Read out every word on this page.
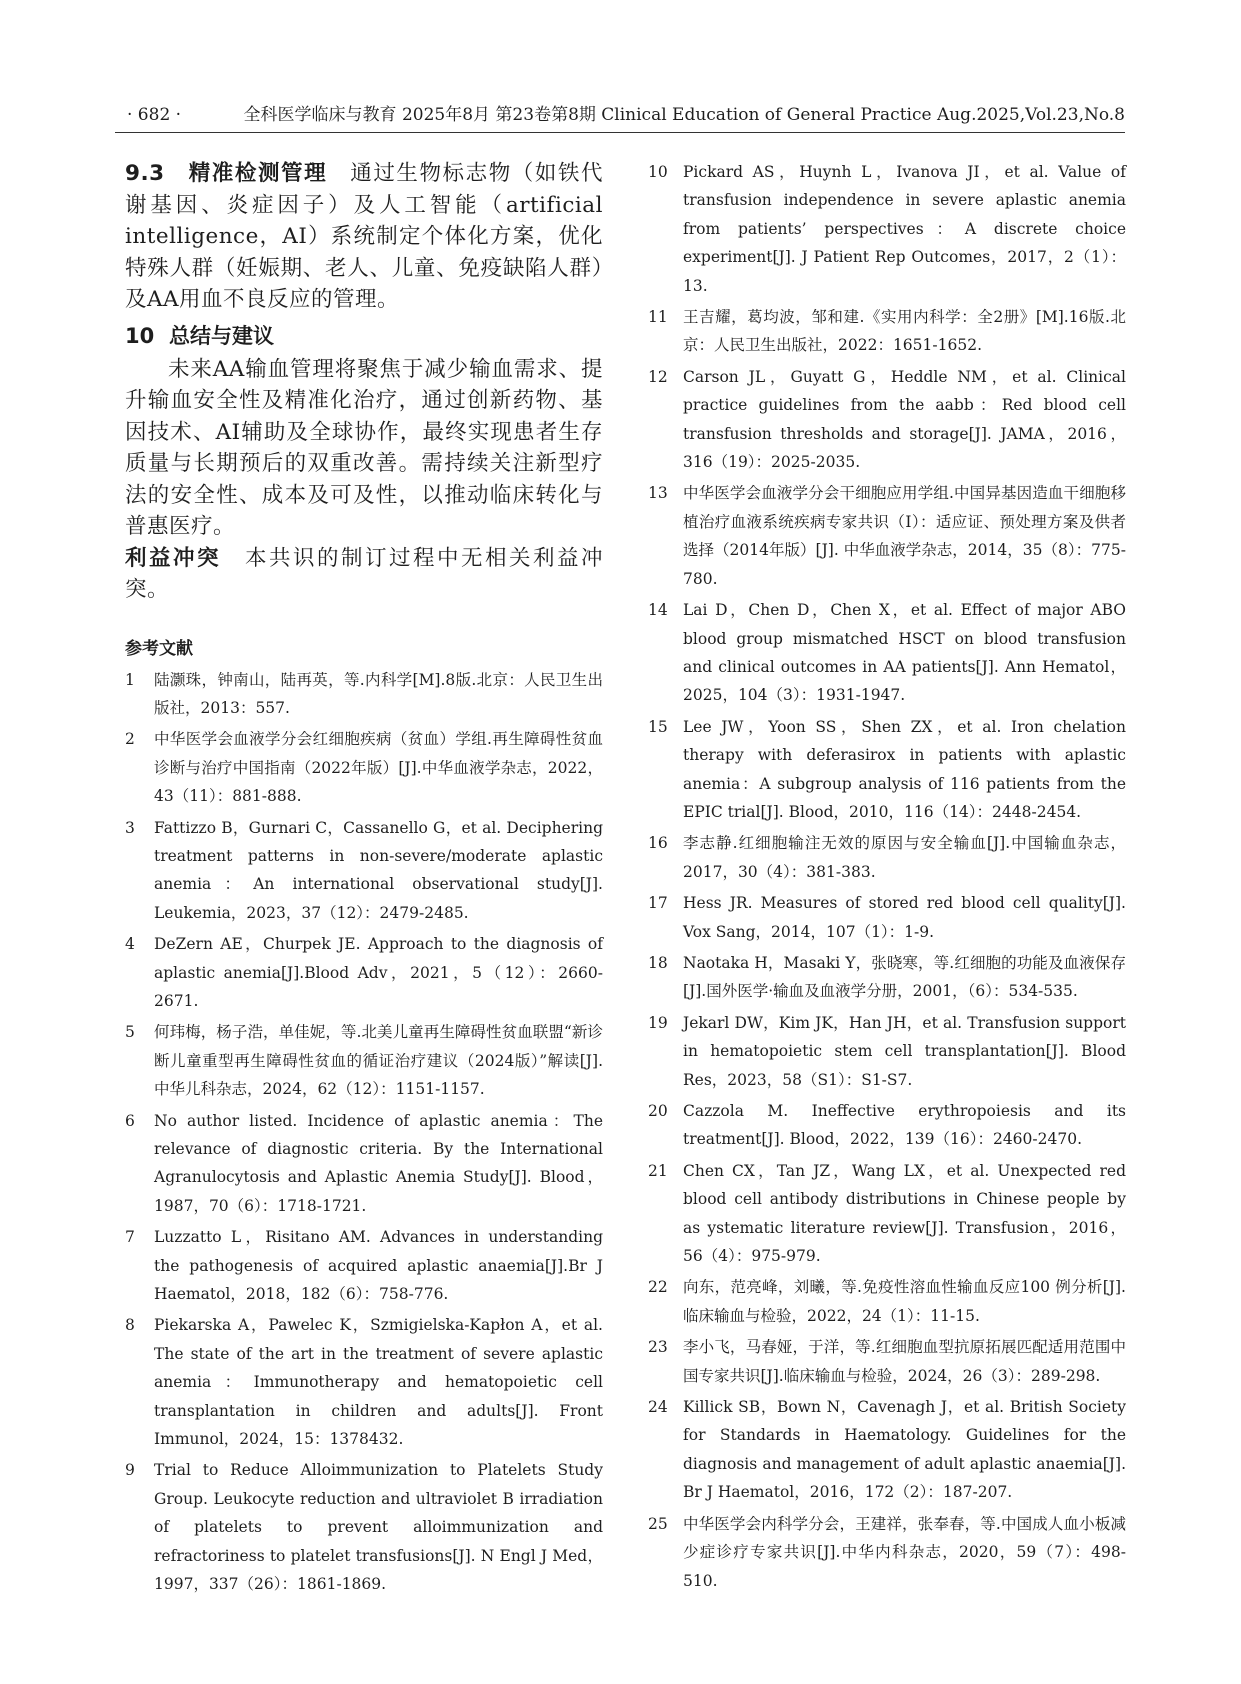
· 682 ·	全科医学临床与教育 2025年8月 第23卷第8期 Clinical Education of General Practice Aug.2025,Vol.23,No.8

9.3　精准检测管理　通过生物标志物（如铁代谢基因、炎症因子）及人工智能（artificial intelligence，AI）系统制定个体化方案，优化特殊人群（妊娠期、老人、儿童、免疫缺陷人群）及AA用血不良反应的管理。

10 总结与建议

未来AA输血管理将聚焦于减少输血需求、提升输血安全性及精准化治疗，通过创新药物、基因技术、AI辅助及全球协作，最终实现患者生存质量与长期预后的双重改善。需持续关注新型疗法的安全性、成本及可及性，以推动临床转化与普惠医疗。

利益冲突　本共识的制订过程中无相关利益冲突。

参考文献
1 陆灏珠，钟南山，陆再英，等.内科学[M].8版.北京：人民卫生出版社，2013：557.
2 中华医学会血液学分会红细胞疾病（贫血）学组.再生障碍性贫血诊断与治疗中国指南（2022年版）[J].中华血液学杂志，2022，43（11）：881-888.
3 Fattizzo B，Gurnari C，Cassanello G，et al. Deciphering treatment patterns in non-severe/moderate aplastic anemia：An international observational study[J]. Leukemia，2023，37（12）：2479-2485.
4 DeZern AE，Churpek JE. Approach to the diagnosis of aplastic anemia[J].Blood Adv，2021，5（12）：2660-2671.
5 何玮梅，杨子浩，单佳妮，等.北美儿童再生障碍性贫血联盟“新诊断儿童重型再生障碍性贫血的循证治疗建议（2024版）”解读[J]. 中华儿科杂志，2024，62（12）：1151-1157.
6 No author listed. Incidence of aplastic anemia：The relevance of diagnostic criteria. By the International Agranulocytosis and Aplastic Anemia Study[J]. Blood，1987，70（6）：1718-1721.
7 Luzzatto L，Risitano AM. Advances in understanding the pathogenesis of acquired aplastic anaemia[J].Br J Haematol，2018，182（6）：758-776.
8 Piekarska A，Pawelec K，Szmigielska-Kapłon A，et al. The state of the art in the treatment of severe aplastic anemia：Immunotherapy and hematopoietic cell transplantation in children and adults[J]. Front Immunol，2024，15：1378432.
9 Trial to Reduce Alloimmunization to Platelets Study Group. Leukocyte reduction and ultraviolet B irradiation of platelets to prevent alloimmunization and refractoriness to platelet transfusions[J]. N Engl J Med，1997，337（26）：1861-1869.
10 Pickard AS，Huynh L，Ivanova JI，et al. Value of transfusion independence in severe aplastic anemia from patients’ perspectives：A discrete choice experiment[J]. J Patient Rep Outcomes，2017，2（1）：13.
11 王吉耀，葛均波，邹和建.《实用内科学：全2册》[M].16版.北京：人民卫生出版社，2022：1651-1652.
12 Carson JL，Guyatt G，Heddle NM，et al. Clinical practice guidelines from the aabb：Red blood cell transfusion thresholds and storage[J]. JAMA，2016，316（19）：2025-2035.
13 中华医学会血液学分会干细胞应用学组.中国异基因造血干细胞移植治疗血液系统疾病专家共识（Ⅰ）：适应证、预处理方案及供者选择（2014年版）[J]. 中华血液学杂志，2014，35（8）：775-780.
14 Lai D，Chen D，Chen X，et al. Effect of major ABO blood group mismatched HSCT on blood transfusion and clinical outcomes in AA patients[J]. Ann Hematol，2025，104（3）：1931-1947.
15 Lee JW，Yoon SS，Shen ZX，et al. Iron chelation therapy with deferasirox in patients with aplastic anemia：A subgroup analysis of 116 patients from the EPIC trial[J]. Blood，2010，116（14）：2448-2454.
16 李志静.红细胞输注无效的原因与安全输血[J].中国输血杂志，2017，30（4）：381-383.
17 Hess JR. Measures of stored red blood cell quality[J]. Vox Sang，2014，107（1）：1-9.
18 Naotaka H，Masaki Y，张晓寒，等.红细胞的功能及血液保存[J].国外医学·输血及血液学分册，2001，（6）：534-535.
19 Jekarl DW，Kim JK，Han JH，et al. Transfusion support in hematopoietic stem cell transplantation[J]. Blood Res，2023，58（S1）：S1-S7.
20 Cazzola M. Ineffective erythropoiesis and its treatment[J]. Blood，2022，139（16）：2460-2470.
21 Chen CX，Tan JZ，Wang LX，et al. Unexpected red blood cell antibody distributions in Chinese people by as ystematic literature review[J]. Transfusion，2016，56（4）：975-979.
22 向东，范亮峰，刘曦，等.免疫性溶血性输血反应100 例分析[J].临床输血与检验，2022，24（1）：11-15.
23 李小飞，马春娅，于洋，等.红细胞血型抗原拓展匹配适用范围中国专家共识[J].临床输血与检验，2024，26（3）：289-298.
24 Killick SB，Bown N，Cavenagh J，et al. British Society for Standards in Haematology. Guidelines for the diagnosis and management of adult aplastic anaemia[J]. Br J Haematol，2016，172（2）：187-207.
25 中华医学会内科学分会，王建祥，张奉春，等.中国成人血小板减少症诊疗专家共识[J].中华内科杂志，2020，59（7）：498-510.
